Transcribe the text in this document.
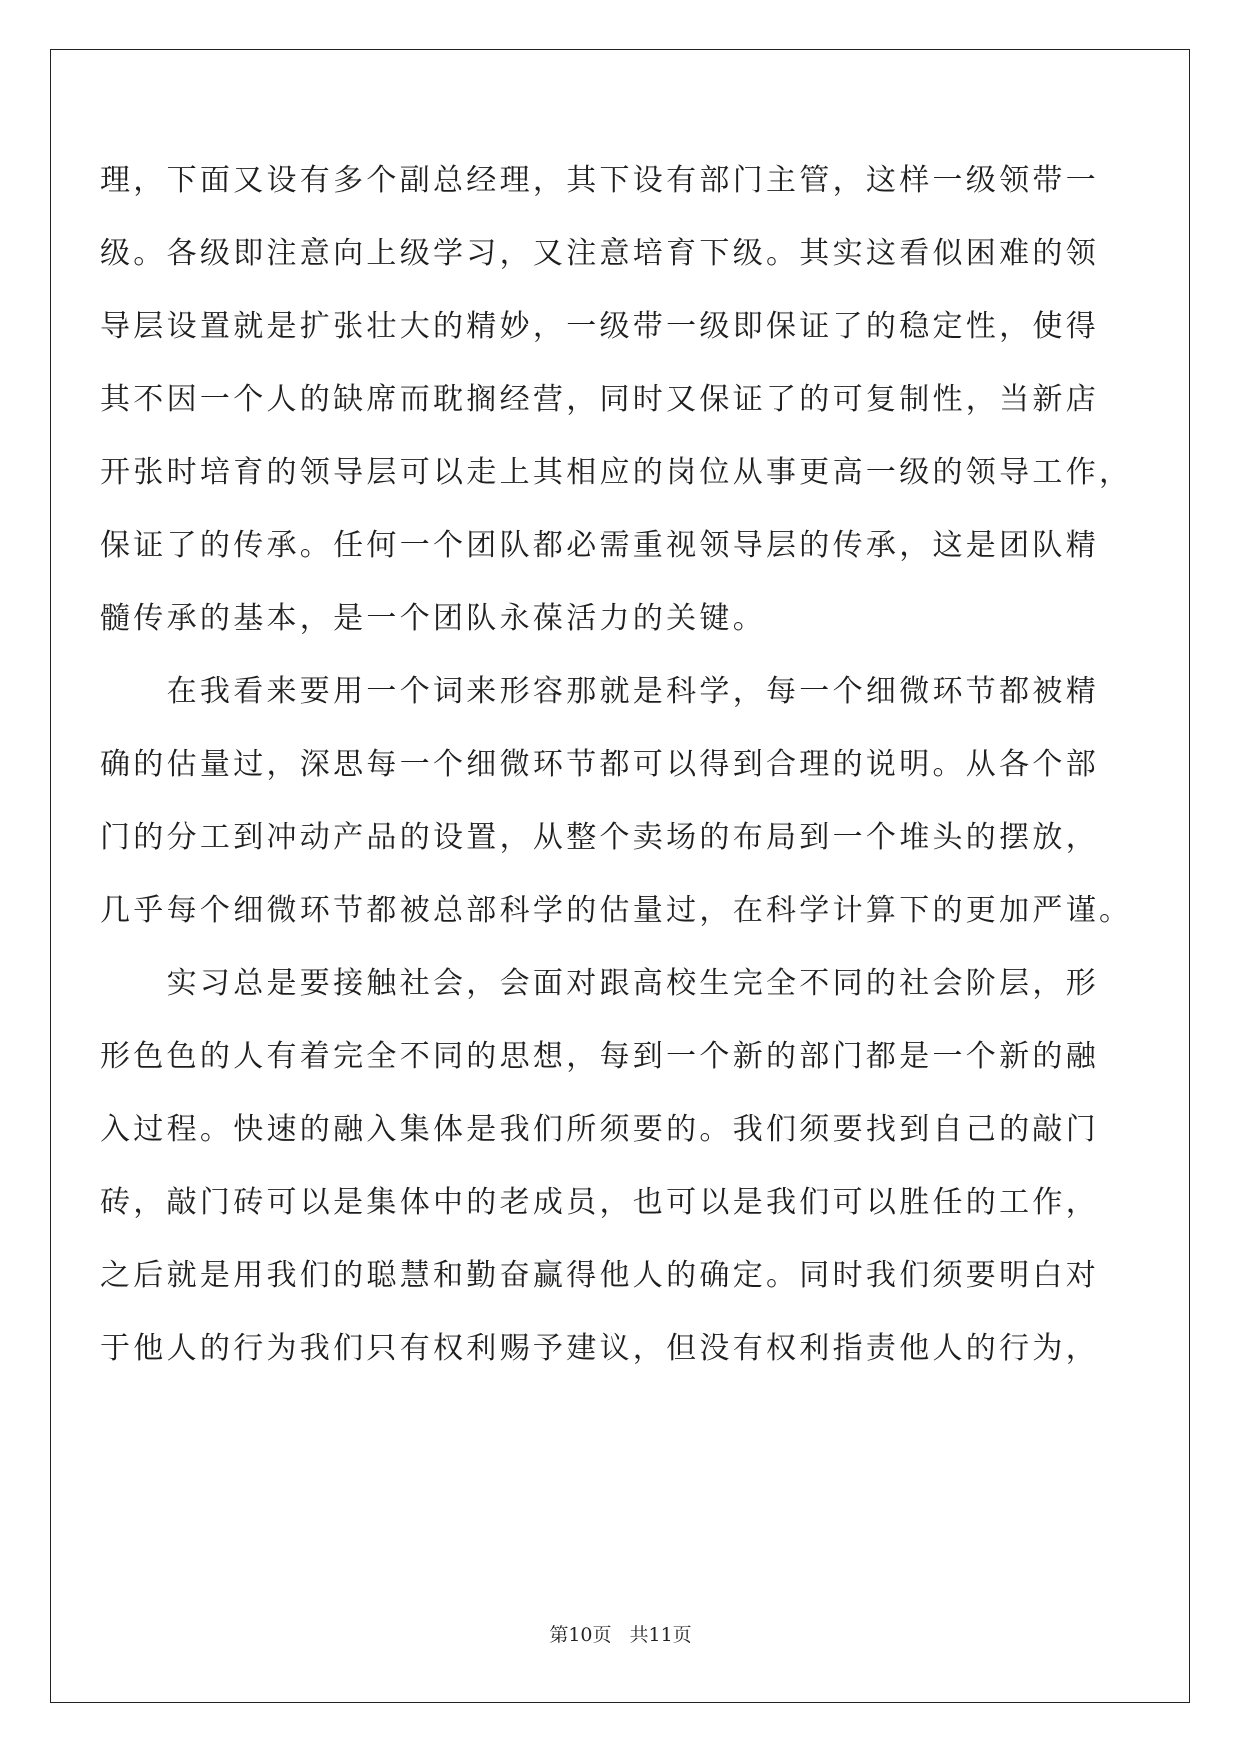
理，下面又设有多个副总经理，其下设有部门主管，这样一级领带一
级。各级即注意向上级学习，又注意培育下级。其实这看似困难的领
导层设置就是扩张壮大的精妙，一级带一级即保证了的稳定性，使得
其不因一个人的缺席而耽搁经营，同时又保证了的可复制性，当新店
开张时培育的领导层可以走上其相应的岗位从事更高一级的领导工作，
保证了的传承。任何一个团队都必需重视领导层的传承，这是团队精
髓传承的基本，是一个团队永葆活力的关键。
　　在我看来要用一个词来形容那就是科学，每一个细微环节都被精
确的估量过，深思每一个细微环节都可以得到合理的说明。从各个部
门的分工到冲动产品的设置，从整个卖场的布局到一个堆头的摆放，
几乎每个细微环节都被总部科学的估量过，在科学计算下的更加严谨。
　　实习总是要接触社会，会面对跟高校生完全不同的社会阶层，形
形色色的人有着完全不同的思想，每到一个新的部门都是一个新的融
入过程。快速的融入集体是我们所须要的。我们须要找到自己的敲门
砖，敲门砖可以是集体中的老成员，也可以是我们可以胜任的工作，
之后就是用我们的聪慧和勤奋赢得他人的确定。同时我们须要明白对
于他人的行为我们只有权利赐予建议，但没有权利指责他人的行为，
第10页 共11页
